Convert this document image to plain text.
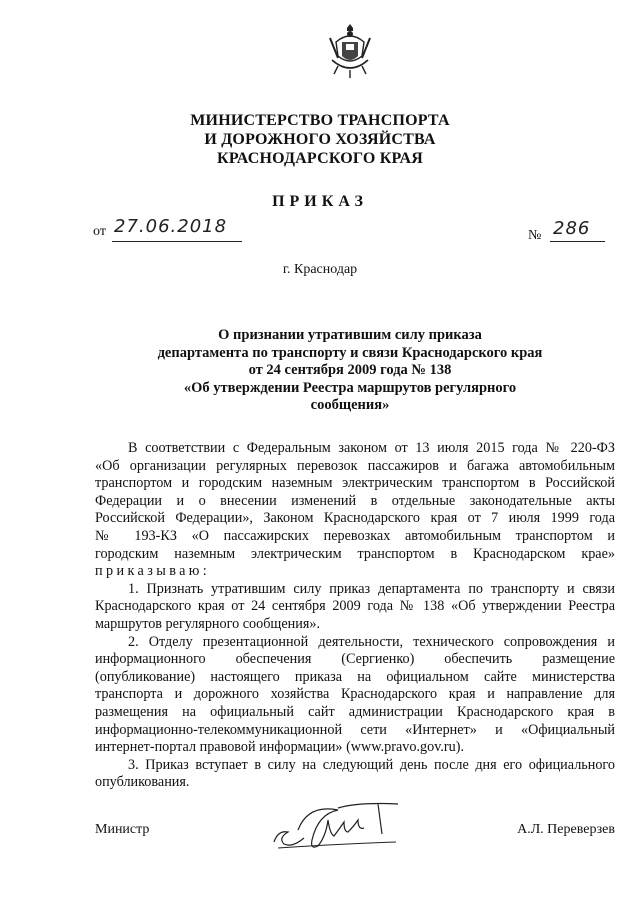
МИНИСТЕРСТВО ТРАНСПОРТА
И ДОРОЖНОГО ХОЗЯЙСТВА
КРАСНОДАРСКОГО КРАЯ
ПРИКАЗ
от 27.06.2018	№ 286
г. Краснодар
О признании утратившим силу приказа
департамента по транспорту и связи Краснодарского края
от 24 сентября 2009 года № 138
«Об утверждении Реестра маршрутов регулярного
сообщения»
В соответствии с Федеральным законом от 13 июля 2015 года № 220-ФЗ
«Об организации регулярных перевозок пассажиров и багажа автомобильным
транспортом и городским наземным электрическим транспортом в Российской
Федерации и о внесении изменений в отдельные законодательные акты
Российской Федерации», Законом Краснодарского края от 7 июля 1999 года
№ 193-КЗ «О пассажирских перевозках автомобильным транспортом и
городским наземным электрическим транспортом в Краснодарском крае»
приказываю:
1. Признать утратившим силу приказ департамента по транспорту и связи
Краснодарского края от 24 сентября 2009 года № 138 «Об утверждении Реестра
маршрутов регулярного сообщения».
2. Отделу презентационной деятельности, технического сопровождения и
информационного обеспечения (Сергиенко) обеспечить размещение
(опубликование) настоящего приказа на официальном сайте министерства
транспорта и дорожного хозяйства Краснодарского края и направление для
размещения на официальный сайт администрации Краснодарского края в
информационно-телекоммуникационной сети «Интернет» и «Официальный
интернет-портал правовой информации» (www.pravo.gov.ru).
3. Приказ вступает в силу на следующий день после дня его официального
опубликования.
Министр	А.Л. Переверзев
